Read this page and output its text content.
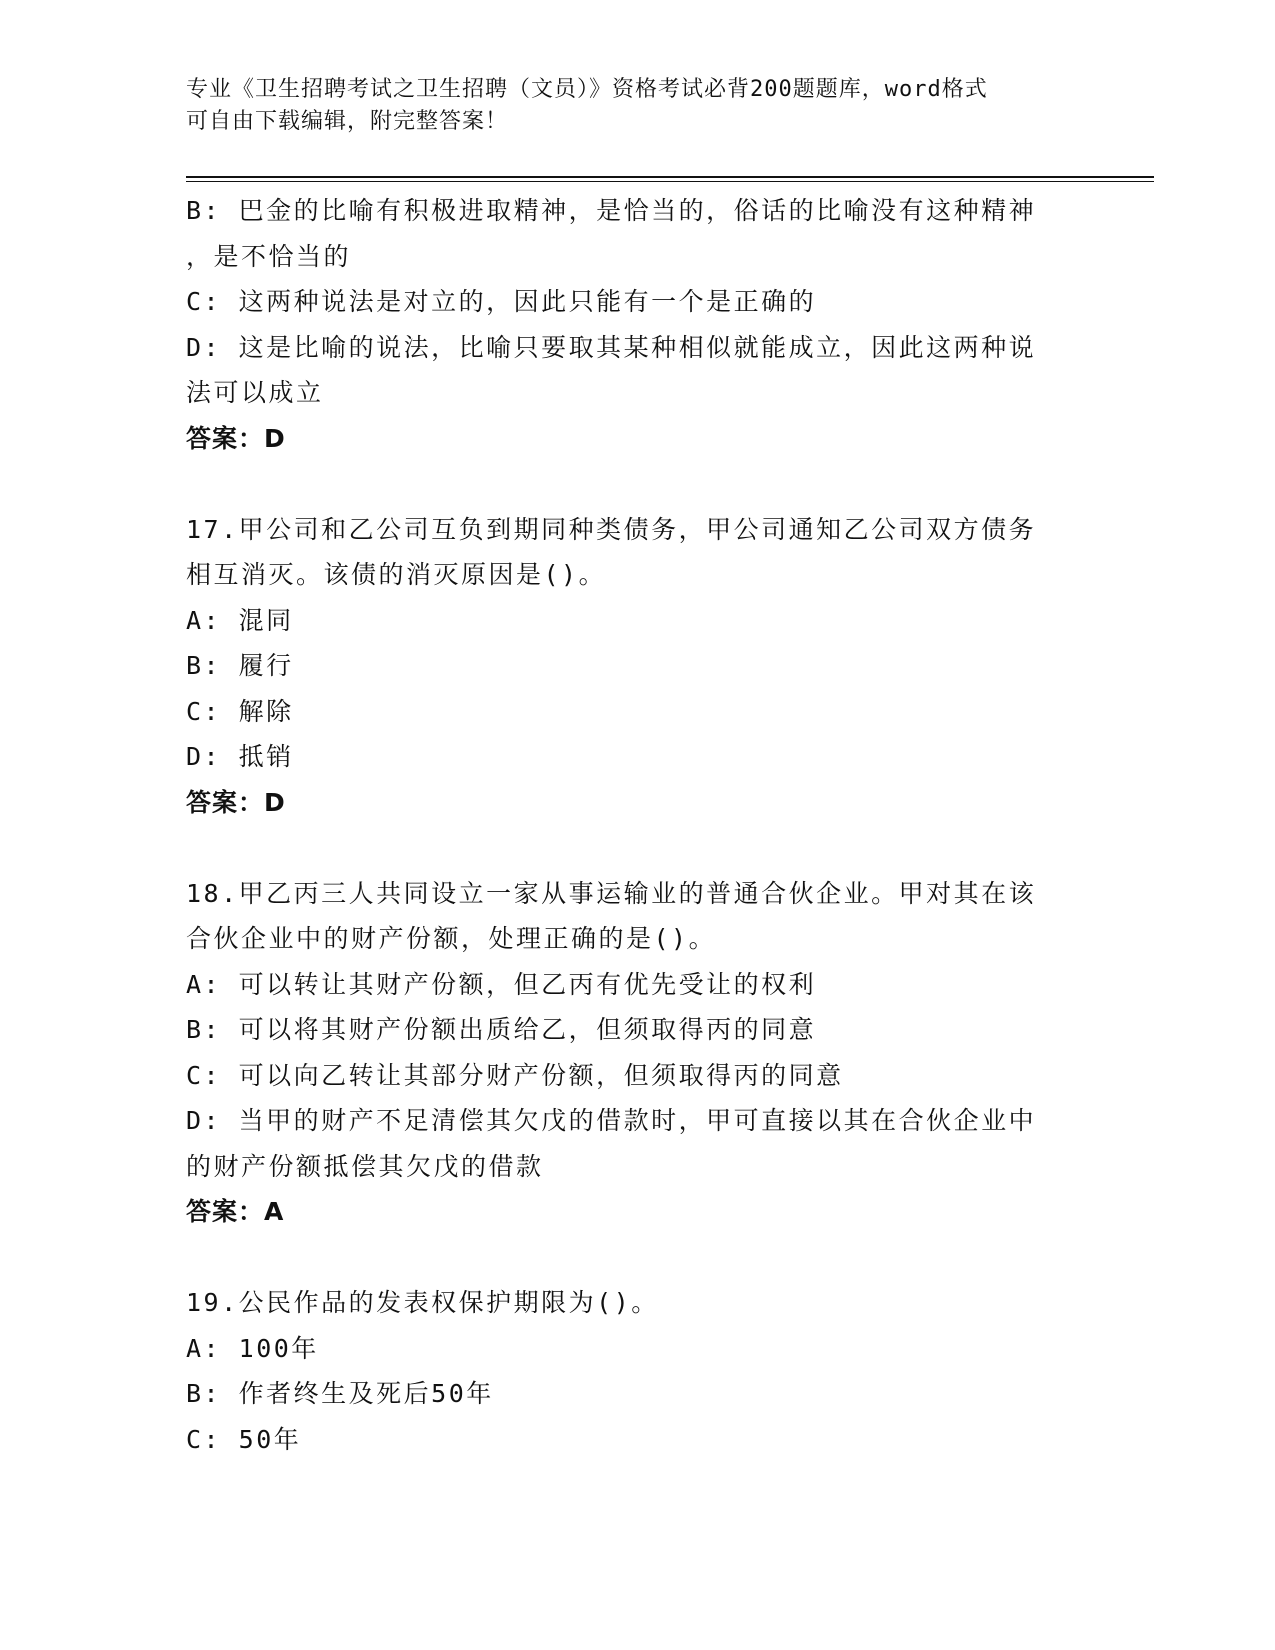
专业《卫生招聘考试之卫生招聘（文员）》资格考试必背200题题库，word格式
可自由下载编辑，附完整答案！
B: 巴金的比喻有积极进取精神，是恰当的，俗话的比喻没有这种精神
，是不恰当的
C: 这两种说法是对立的，因此只能有一个是正确的
D: 这是比喻的说法，比喻只要取其某种相似就能成立，因此这两种说
法可以成立
答案：D
17.甲公司和乙公司互负到期同种类债务，甲公司通知乙公司双方债务
相互消灭。该债的消灭原因是()。
A: 混同
B: 履行
C: 解除
D: 抵销
答案：D
18.甲乙丙三人共同设立一家从事运输业的普通合伙企业。甲对其在该
合伙企业中的财产份额，处理正确的是()。
A: 可以转让其财产份额，但乙丙有优先受让的权利
B: 可以将其财产份额出质给乙，但须取得丙的同意
C: 可以向乙转让其部分财产份额，但须取得丙的同意
D: 当甲的财产不足清偿其欠戊的借款时，甲可直接以其在合伙企业中
的财产份额抵偿其欠戊的借款
答案：A
19.公民作品的发表权保护期限为()。
A: 100年
B: 作者终生及死后50年
C: 50年
